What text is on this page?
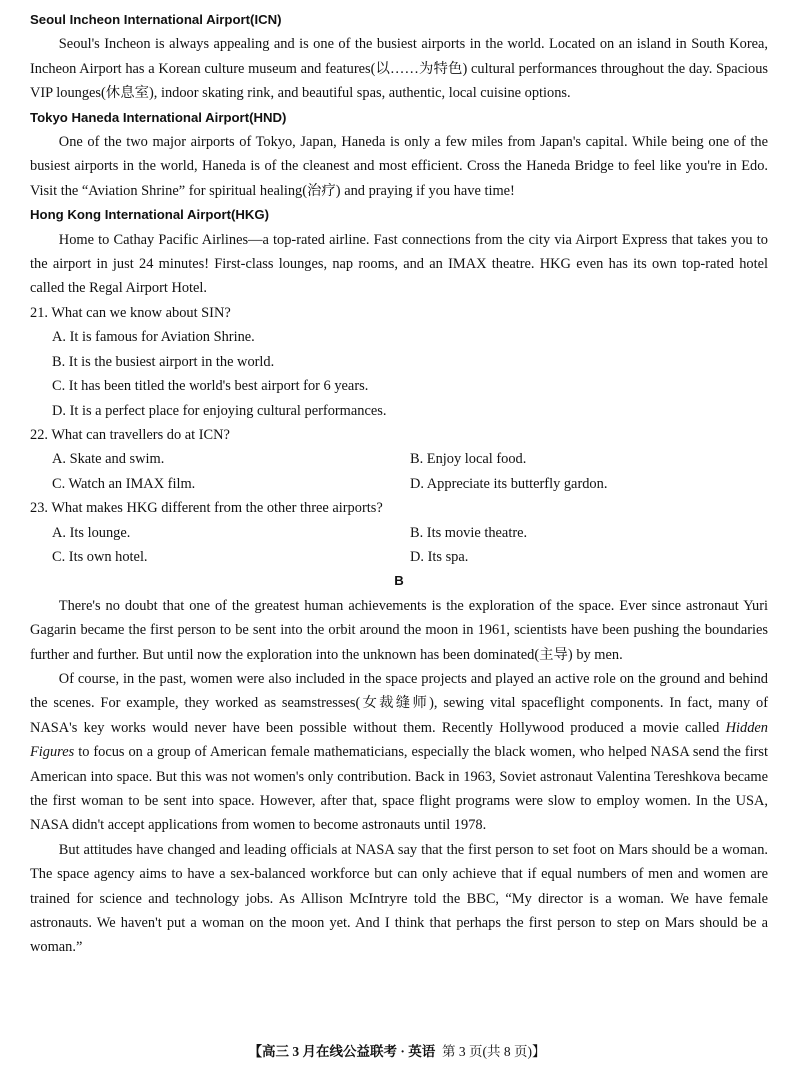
Seoul Incheon International Airport(ICN)

Seoul's Incheon is always appealing and is one of the busiest airports in the world. Located on an island in South Korea, Incheon Airport has a Korean culture museum and features(以……为特色) cultural performances throughout the day. Spacious VIP lounges(休息室), indoor skating rink, and beautiful spas, authentic, local cuisine options.

Tokyo Haneda International Airport(HND)

One of the two major airports of Tokyo, Japan, Haneda is only a few miles from Japan's capital. While being one of the busiest airports in the world, Haneda is of the cleanest and most efficient. Cross the Haneda Bridge to feel like you're in Edo. Visit the “Aviation Shrine” for spiritual healing(治疗) and praying if you have time!

Hong Kong International Airport(HKG)

Home to Cathay Pacific Airlines—a top-rated airline. Fast connections from the city via Airport Express that takes you to the airport in just 24 minutes! First-class lounges, nap rooms, and an IMAX theatre. HKG even has its own top-rated hotel called the Regal Airport Hotel.

21. What can we know about SIN?

A. It is famous for Aviation Shrine.

B. It is the busiest airport in the world.

C. It has been titled the world's best airport for 6 years.

D. It is a perfect place for enjoying cultural performances.

22. What can travellers do at ICN?

A. Skate and swim.	B. Enjoy local food.
C. Watch an IMAX film.	D. Appreciate its butterfly gardon.

23. What makes HKG different from the other three airports?

A. Its lounge.	B. Its movie theatre.
C. Its own hotel.	D. Its spa.
B

There's no doubt that one of the greatest human achievements is the exploration of the space. Ever since astronaut Yuri Gagarin became the first person to be sent into the orbit around the moon in 1961, scientists have been pushing the boundaries further and further. But until now the exploration into the unknown has been dominated(主导) by men.

Of course, in the past, women were also included in the space projects and played an active role on the ground and behind the scenes. For example, they worked as seamstresses(女裁缝师), sewing vital spaceflight components. In fact, many of NASA's key works would never have been possible without them. Recently Hollywood produced a movie called Hidden Figures to focus on a group of American female mathematicians, especially the black women, who helped NASA send the first American into space. But this was not women's only contribution. Back in 1963, Soviet astronaut Valentina Tereshkova became the first woman to be sent into space. However, after that, space flight programs were slow to employ women. In the USA, NASA didn't accept applications from women to become astronauts until 1978.

But attitudes have changed and leading officials at NASA say that the first person to set foot on Mars should be a woman. The space agency aims to have a sex-balanced workforce but can only achieve that if equal numbers of men and women are trained for science and technology jobs. As Allison McIntryre told the BBC, “My director is a woman. We have female astronauts. We haven't put a woman on the moon yet. And I think that perhaps the first person to step on Mars should be a woman.”

【高三 3 月在线公益联考 · 英语 第 3 页(共 8 页)】
